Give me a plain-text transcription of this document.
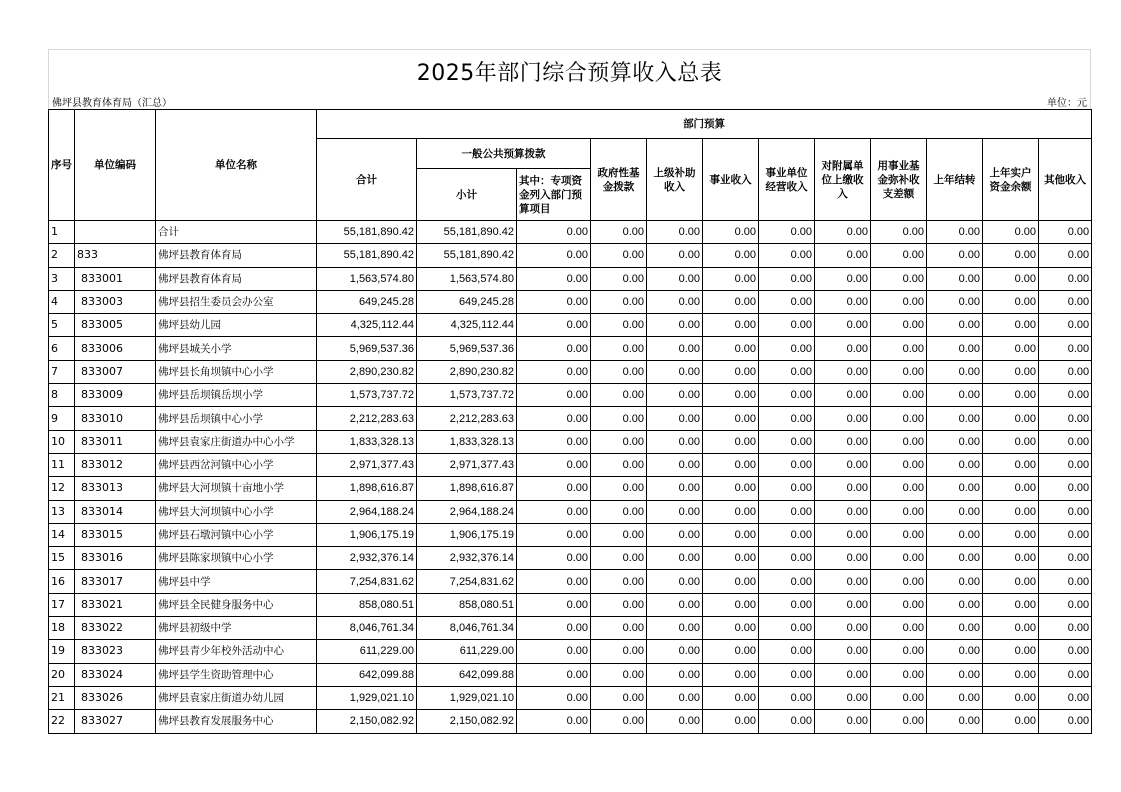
2025年部门综合预算收入总表
佛坪县教育体育局（汇总）	单位：元
序号	单位编码	单位名称	部门预算											
			合计	一般公共预算拨款		政府性基金拨款	上级补助收入	事业收入	事业单位经营收入	对附属单位上缴收入	用事业基金弥补收支差额	上年结转	上年实户资金余额	其他收入
				小计	其中：专项资金列入部门预算项目									
1		合计	55,181,890.42	55,181,890.42	0.00	0.00	0.00	0.00	0.00	0.00	0.00	0.00	0.00	0.00
2	833	佛坪县教育体育局	55,181,890.42	55,181,890.42	0.00	0.00	0.00	0.00	0.00	0.00	0.00	0.00	0.00	0.00
3	833001	佛坪县教育体育局	1,563,574.80	1,563,574.80	0.00	0.00	0.00	0.00	0.00	0.00	0.00	0.00	0.00	0.00
4	833003	佛坪县招生委员会办公室	649,245.28	649,245.28	0.00	0.00	0.00	0.00	0.00	0.00	0.00	0.00	0.00	0.00
5	833005	佛坪县幼儿园	4,325,112.44	4,325,112.44	0.00	0.00	0.00	0.00	0.00	0.00	0.00	0.00	0.00	0.00
6	833006	佛坪县城关小学	5,969,537.36	5,969,537.36	0.00	0.00	0.00	0.00	0.00	0.00	0.00	0.00	0.00	0.00
7	833007	佛坪县长角坝镇中心小学	2,890,230.82	2,890,230.82	0.00	0.00	0.00	0.00	0.00	0.00	0.00	0.00	0.00	0.00
8	833009	佛坪县岳坝镇岳坝小学	1,573,737.72	1,573,737.72	0.00	0.00	0.00	0.00	0.00	0.00	0.00	0.00	0.00	0.00
9	833010	佛坪县岳坝镇中心小学	2,212,283.63	2,212,283.63	0.00	0.00	0.00	0.00	0.00	0.00	0.00	0.00	0.00	0.00
10	833011	佛坪县袁家庄街道办中心小学	1,833,328.13	1,833,328.13	0.00	0.00	0.00	0.00	0.00	0.00	0.00	0.00	0.00	0.00
11	833012	佛坪县西岔河镇中心小学	2,971,377.43	2,971,377.43	0.00	0.00	0.00	0.00	0.00	0.00	0.00	0.00	0.00	0.00
12	833013	佛坪县大河坝镇十亩地小学	1,898,616.87	1,898,616.87	0.00	0.00	0.00	0.00	0.00	0.00	0.00	0.00	0.00	0.00
13	833014	佛坪县大河坝镇中心小学	2,964,188.24	2,964,188.24	0.00	0.00	0.00	0.00	0.00	0.00	0.00	0.00	0.00	0.00
14	833015	佛坪县石墩河镇中心小学	1,906,175.19	1,906,175.19	0.00	0.00	0.00	0.00	0.00	0.00	0.00	0.00	0.00	0.00
15	833016	佛坪县陈家坝镇中心小学	2,932,376.14	2,932,376.14	0.00	0.00	0.00	0.00	0.00	0.00	0.00	0.00	0.00	0.00
16	833017	佛坪县中学	7,254,831.62	7,254,831.62	0.00	0.00	0.00	0.00	0.00	0.00	0.00	0.00	0.00	0.00
17	833021	佛坪县全民健身服务中心	858,080.51	858,080.51	0.00	0.00	0.00	0.00	0.00	0.00	0.00	0.00	0.00	0.00
18	833022	佛坪县初级中学	8,046,761.34	8,046,761.34	0.00	0.00	0.00	0.00	0.00	0.00	0.00	0.00	0.00	0.00
19	833023	佛坪县青少年校外活动中心	611,229.00	611,229.00	0.00	0.00	0.00	0.00	0.00	0.00	0.00	0.00	0.00	0.00
20	833024	佛坪县学生资助管理中心	642,099.88	642,099.88	0.00	0.00	0.00	0.00	0.00	0.00	0.00	0.00	0.00	0.00
21	833026	佛坪县袁家庄街道办幼儿园	1,929,021.10	1,929,021.10	0.00	0.00	0.00	0.00	0.00	0.00	0.00	0.00	0.00	0.00
22	833027	佛坪县教育发展服务中心	2,150,082.92	2,150,082.92	0.00	0.00	0.00	0.00	0.00	0.00	0.00	0.00	0.00	0.00
